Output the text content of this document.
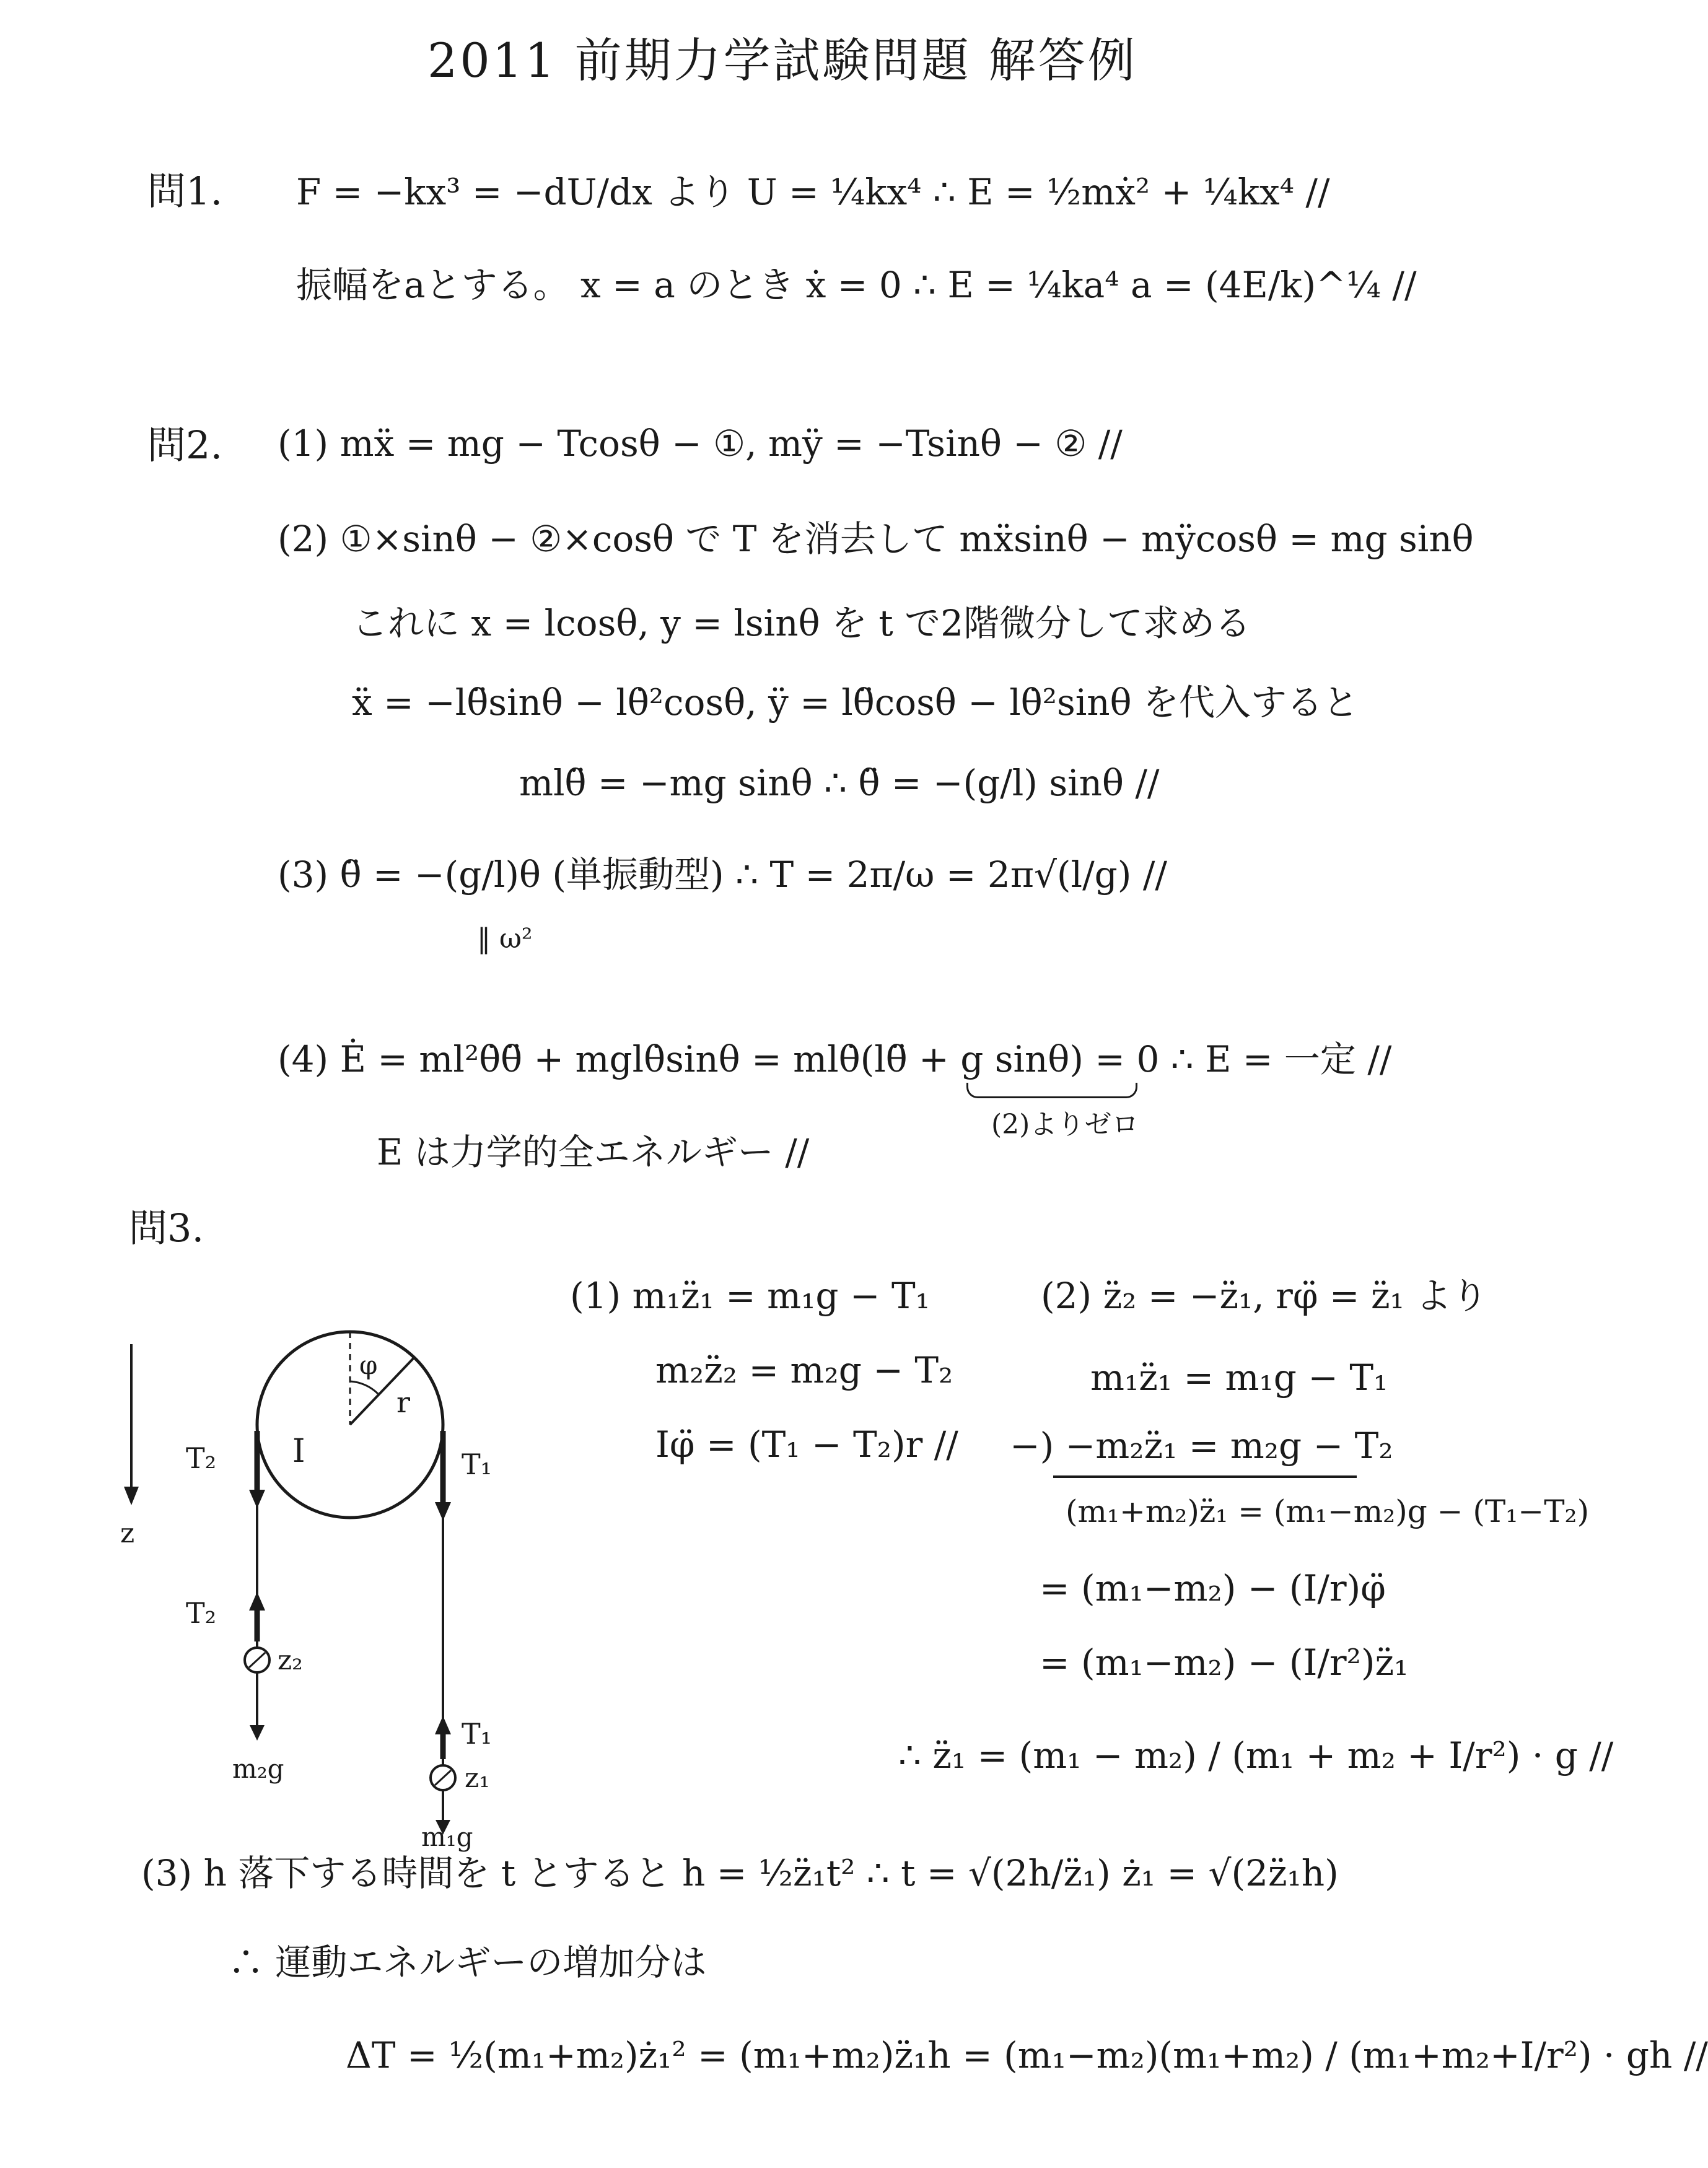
2011 前期力学試験問題 解答例
問1. F = −kx³ = −dU/dx より U = ¼kx⁴ ∴ E = ½mẋ² + ¼kx⁴ //
振幅をaとする。 x = a のとき ẋ = 0 ∴ E = ¼ka⁴ a = (4E/k)^¼ //
問2. (1) mẍ = mg − Tcosθ − ①, mÿ = −Tsinθ − ② //
(2) ①×sinθ − ②×cosθ で T を消去して mẍsinθ − mÿcosθ = mg sinθ
これに x = lcosθ, y = lsinθ を t で2階微分して求める
ẍ = −lθ̈sinθ − lθ̇²cosθ, ÿ = lθ̈cosθ − lθ̇²sinθ を代入すると
mlθ̈ = −mg sinθ ∴ θ̈ = −(g/l) sinθ //
(3) θ̈ = −(g/l)θ (単振動型) ∴ T = 2π/ω = 2π√(l/g) //
‖ ω²
(4) Ė = ml²θ̇θ̈ + mglθ̇sinθ = mlθ̇(lθ̈ + g sinθ) = 0 ∴ E = 一定 //
(2)よりゼロ
E は力学的全エネルギー //
問3.
z
φ
r
I
T₂
T₂
z₂
m₂g
T₁
T₁
z₁
m₁g
(1) m₁z̈₁ = m₁g − T₁
m₂z̈₂ = m₂g − T₂
Iφ̈ = (T₁ − T₂)r //
(2) z̈₂ = −z̈₁, rφ̈ = z̈₁ より
m₁z̈₁ = m₁g − T₁
−) −m₂z̈₁ = m₂g − T₂
(m₁+m₂)z̈₁ = (m₁−m₂)g − (T₁−T₂)
= (m₁−m₂) − (I/r)φ̈
= (m₁−m₂) − (I/r²)z̈₁
∴ z̈₁ = (m₁ − m₂) / (m₁ + m₂ + I/r²) · g //
(3) h 落下する時間を t とすると h = ½z̈₁t² ∴ t = √(2h/z̈₁) ż₁ = √(2z̈₁h)
∴ 運動エネルギーの増加分は
ΔT = ½(m₁+m₂)ż₁² = (m₁+m₂)z̈₁h = (m₁−m₂)(m₁+m₂) / (m₁+m₂+I/r²) · gh //
